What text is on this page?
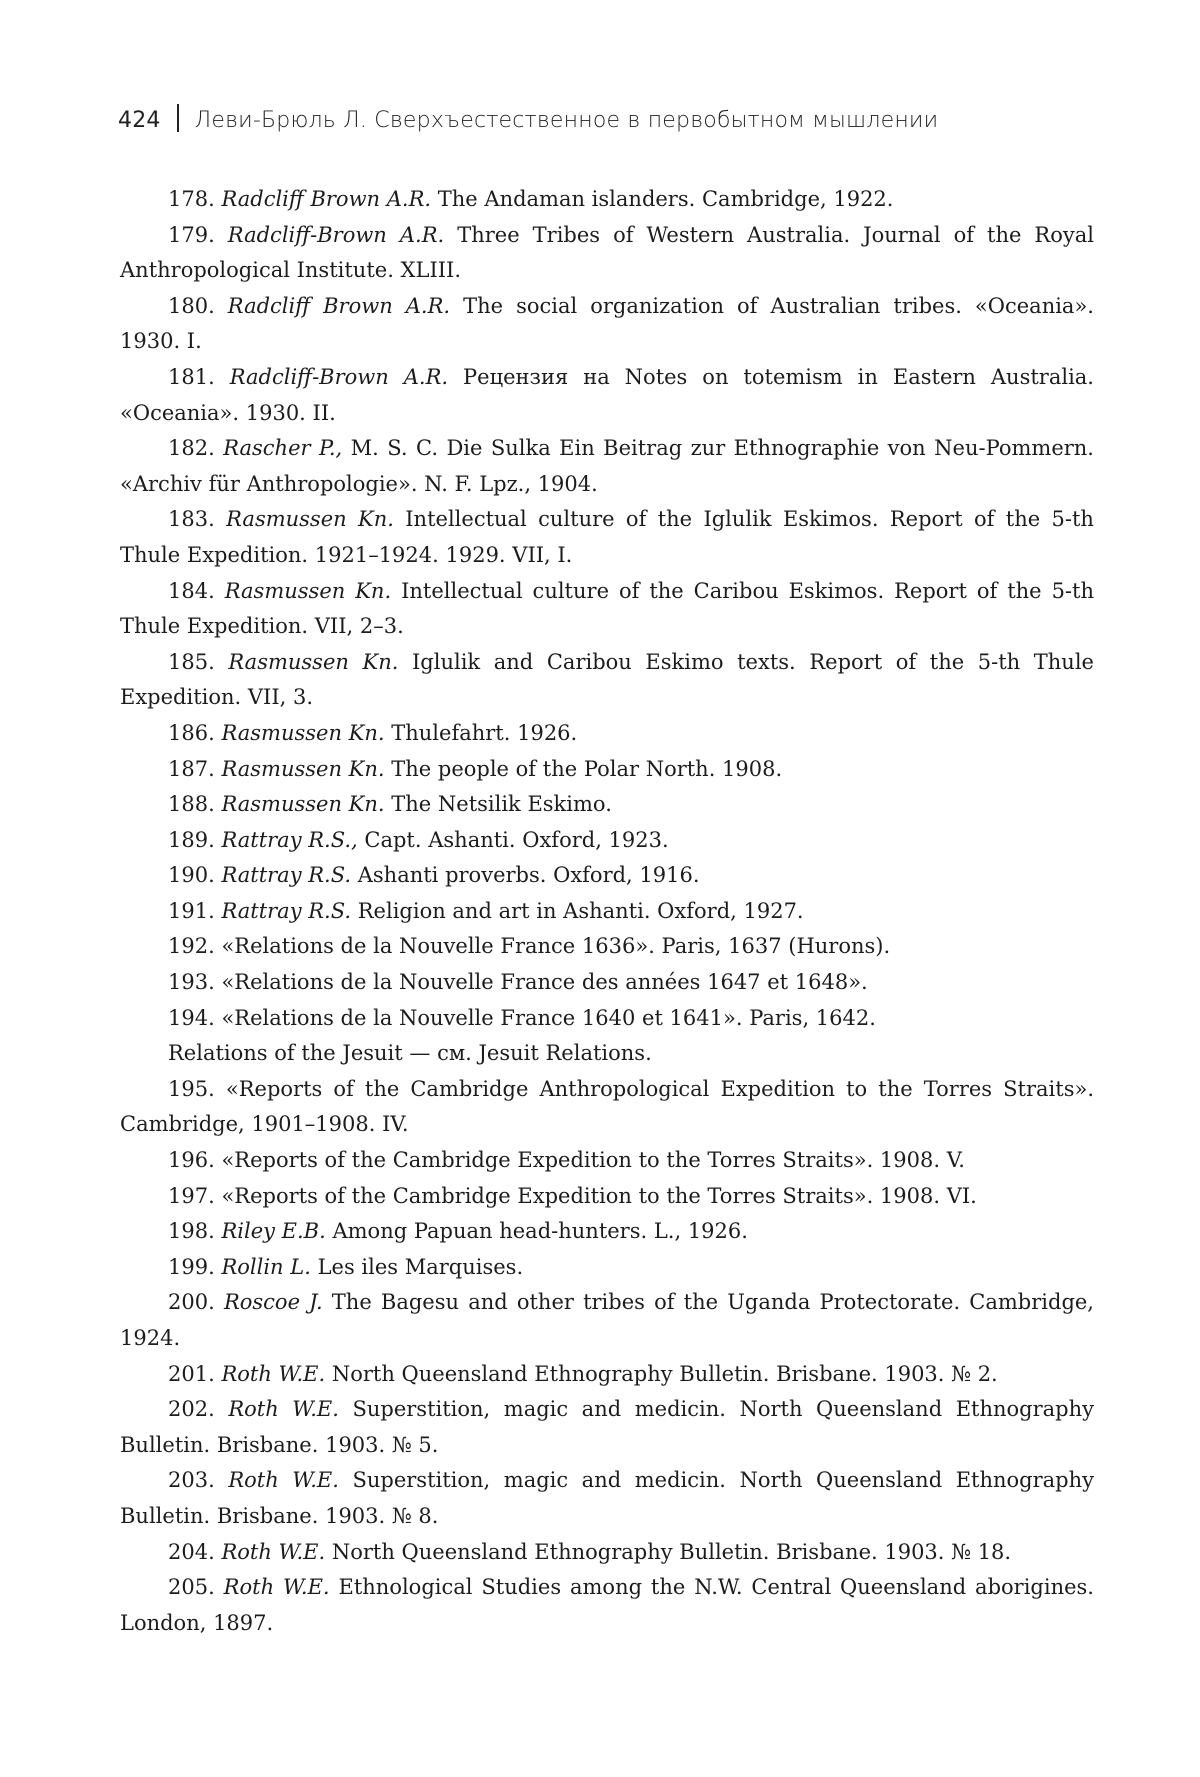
424 Леви-Брюль Л. Сверхъестественное в первобытном мышлении

178. Radcliff Brown A.R. The Andaman islanders. Cambridge, 1922.

179. Radcliff-Brown A.R. Three Tribes of Western Australia. Journal of the Royal Anthropological Institute. XLIII.

180. Radcliff Brown A.R. The social organization of Australian tribes. «Oceania». 1930. I.

181. Radcliff-Brown A.R. Рецензия на Notes on totemism in Eastern Australia. «Oceania». 1930. II.

182. Rascher P., M. S. C. Die Sulka Ein Beitrag zur Ethnographie von Neu-Pommern. «Archiv für Anthropologie». N. F. Lpz., 1904.

183. Rasmussen Kn. Intellectual culture of the Iglulik Eskimos. Report of the 5-th Thule Expedition. 1921–1924. 1929. VII, I.

184. Rasmussen Kn. Intellectual culture of the Caribou Eskimos. Report of the 5-th Thule Expedition. VII, 2–3.

185. Rasmussen Kn. Iglulik and Caribou Eskimo texts. Report of the 5-th Thule Expedition. VII, 3.

186. Rasmussen Kn. Thulefahrt. 1926.

187. Rasmussen Kn. The people of the Polar North. 1908.

188. Rasmussen Kn. The Netsilik Eskimo.

189. Rattray R.S., Capt. Ashanti. Oxford, 1923.

190. Rattray R.S. Ashanti proverbs. Oxford, 1916.

191. Rattray R.S. Religion and art in Ashanti. Oxford, 1927.

192. «Relations de la Nouvelle France 1636». Paris, 1637 (Hurons).

193. «Relations de la Nouvelle France des années 1647 et 1648».

194. «Relations de la Nouvelle France 1640 et 1641». Paris, 1642.

Relations of the Jesuit — см. Jesuit Relations.

195. «Reports of the Cambridge Anthropological Expedition to the Torres Straits». Cambridge, 1901–1908. IV.

196. «Reports of the Cambridge Expedition to the Torres Straits». 1908. V.

197. «Reports of the Cambridge Expedition to the Torres Straits». 1908. VI.

198. Riley E.B. Among Papuan head-hunters. L., 1926.

199. Rollin L. Les iles Marquises.

200. Roscoe J. The Bagesu and other tribes of the Uganda Protectorate. Cambridge, 1924.

201. Roth W.E. North Queensland Ethnography Bulletin. Brisbane. 1903. № 2.

202. Roth W.E. Superstition, magic and medicin. North Queensland Ethnography Bulletin. Brisbane. 1903. № 5.

203. Roth W.E. Superstition, magic and medicin. North Queensland Ethnography Bulletin. Brisbane. 1903. № 8.

204. Roth W.E. North Queensland Ethnography Bulletin. Brisbane. 1903. № 18.

205. Roth W.E. Ethnological Studies among the N.W. Central Queensland aborigines. London, 1897.
